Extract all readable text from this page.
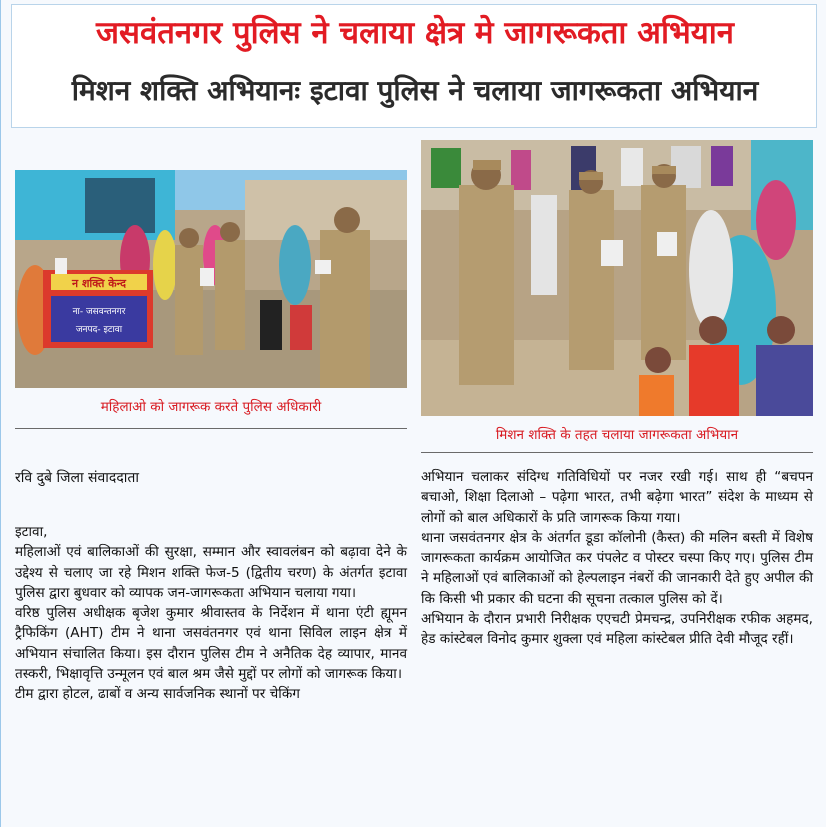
जसवंतनगर पुलिस ने चलाया क्षेत्र मे जागरूकता अभियान
मिशन शक्ति अभियानः इटावा पुलिस ने चलाया जागरूकता अभियान
न शक्ति केन्द
ना- जसवन्तनगर
जनपद- इटावा
महिलाओ को जागरूक करते पुलिस अधिकारी
मिशन शक्ति के तहत चलाया जागरूकता अभियान
रवि दुबे जिला संवाददाता

इटावा,

महिलाओं एवं बालिकाओं की सुरक्षा, सम्मान और स्वावलंबन को बढ़ावा देने के उद्देश्य से चलाए जा रहे मिशन शक्ति फेज-5 (द्वितीय चरण) के अंतर्गत इटावा पुलिस द्वारा बुधवार को व्यापक जन-जागरूकता अभियान चलाया गया।

वरिष्ठ पुलिस अधीक्षक बृजेश कुमार श्रीवास्तव के निर्देशन में थाना एंटी ह्यूमन ट्रैफिकिंग (AHT) टीम ने थाना जसवंतनगर एवं थाना सिविल लाइन क्षेत्र में अभियान संचालित किया। इस दौरान पुलिस टीम ने अनैतिक देह व्यापार, मानव तस्करी, भिक्षावृत्ति उन्मूलन एवं बाल श्रम जैसे मुद्दों पर लोगों को जागरूक किया।

टीम द्वारा होटल, ढाबों व अन्य सार्वजनिक स्थानों पर चेकिंग

अभियान चलाकर संदिग्ध गतिविधियों पर नजर रखी गई। साथ ही “बचपन बचाओ, शिक्षा दिलाओ – पढ़ेगा भारत, तभी बढ़ेगा भारत” संदेश के माध्यम से लोगों को बाल अधिकारों के प्रति जागरूक किया गया।

थाना जसवंतनगर क्षेत्र के अंतर्गत डूडा कॉलोनी (कैस्त) की मलिन बस्ती में विशेष जागरूकता कार्यक्रम आयोजित कर पंपलेट व पोस्टर चस्पा किए गए। पुलिस टीम ने महिलाओं एवं बालिकाओं को हेल्पलाइन नंबरों की जानकारी देते हुए अपील की कि किसी भी प्रकार की घटना की सूचना तत्काल पुलिस को दें।

अभियान के दौरान प्रभारी निरीक्षक एएचटी प्रेमचन्द्र, उपनिरीक्षक रफीक अहमद, हेड कांस्टेबल विनोद कुमार शुक्ला एवं महिला कांस्टेबल प्रीति देवी मौजूद रहीं।
